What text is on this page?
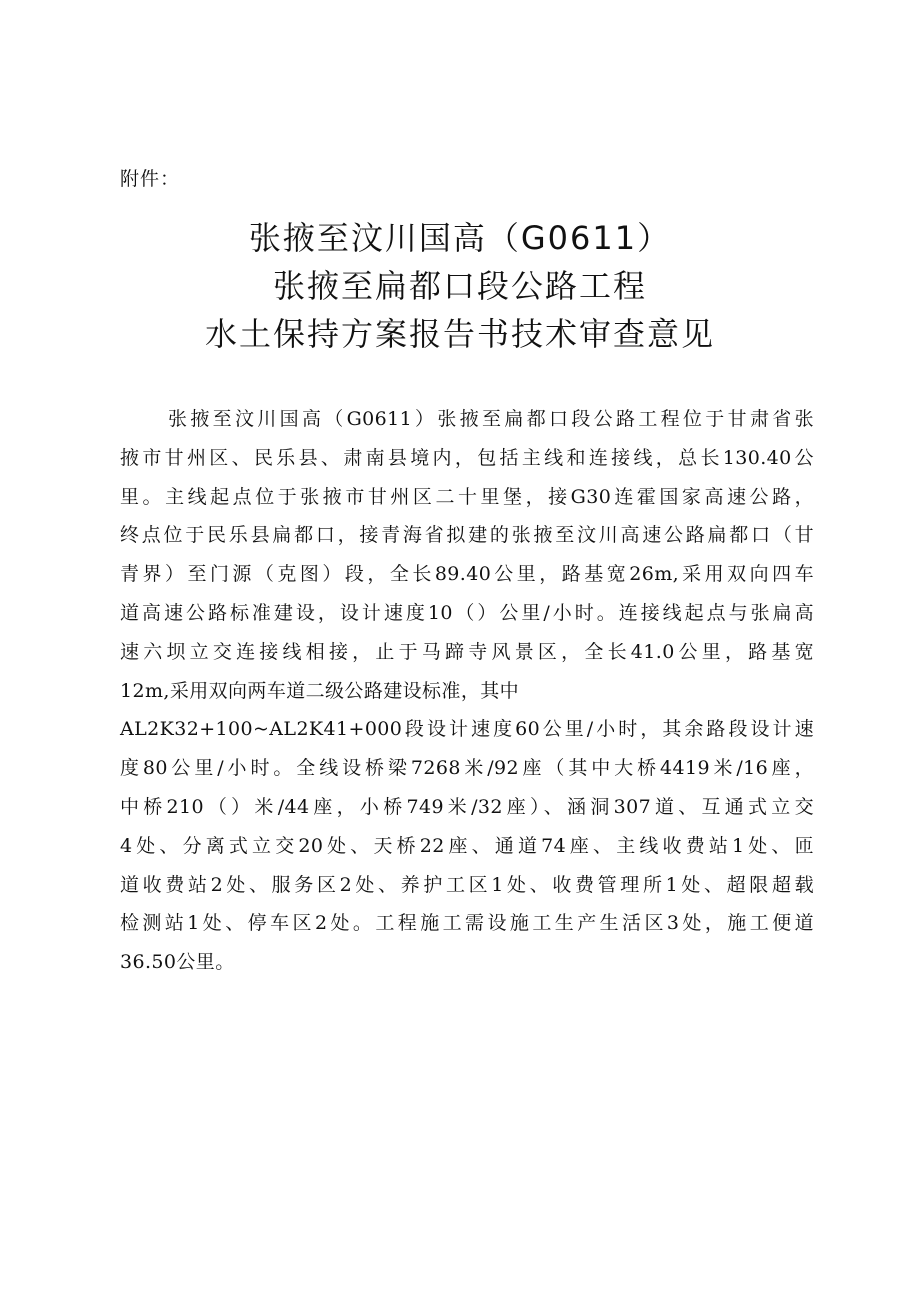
附件：
张掖至汶川国高（G0611）
张掖至扁都口段公路工程
水土保持方案报告书技术审查意见
张掖至汶川国高（G0611）张掖至扁都口段公路工程位于甘肃省张
掖市甘州区、民乐县、肃南县境内，包括主线和连接线，总长130.40公
里。主线起点位于张掖市甘州区二十里堡，接G30连霍国家高速公路，
终点位于民乐县扁都口，接青海省拟建的张掖至汶川高速公路扁都口（甘
青界）至门源（克图）段，全长89.40公里，路基宽26m,采用双向四车
道高速公路标准建设，设计速度10（）公里/小时。连接线起点与张扁高
速六坝立交连接线相接，止于马蹄寺风景区，全长41.0公里，路基宽
12m,采用双向两车道二级公路建设标准，其中
AL2K32+100~AL2K41+000段设计速度60公里/小时，其余路段设计速
度80公里/小时。全线设桥梁7268米/92座（其中大桥4419米/16座，
中桥210（）米/44座，小桥749米/32座）、涵洞307道、互通式立交
4处、分离式立交20处、天桥22座、通道74座、主线收费站1处、匝
道收费站2处、服务区2处、养护工区1处、收费管理所1处、超限超载
检测站1处、停车区2处。工程施工需设施工生产生活区3处，施工便道
36.50公里。
